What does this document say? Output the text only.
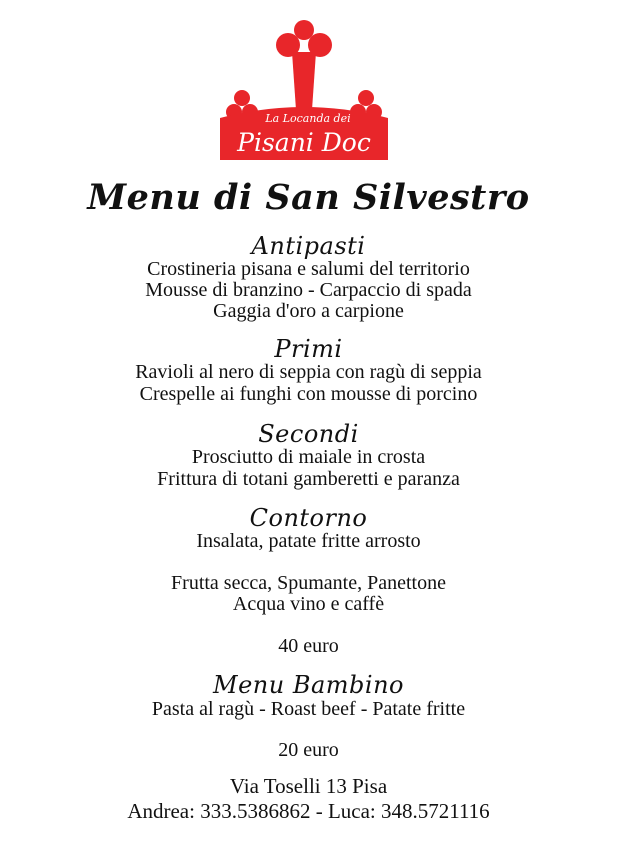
La Locanda dei
Pisani Doc
Menu di San Silvestro
Antipasti
Crostineria pisana e salumi del territorio
Mousse di branzino - Carpaccio di spada
Gaggia d'oro a carpione
Primi
Ravioli al nero di seppia con ragù di seppia
Crespelle ai funghi con mousse di porcino
Secondi
Prosciutto di maiale in crosta
Frittura di totani gamberetti e paranza
Contorno
Insalata, patate fritte arrosto
Frutta secca, Spumante, Panettone
Acqua vino e caffè
40 euro
Menu Bambino
Pasta al ragù - Roast beef - Patate fritte
20 euro
Via Toselli 13 Pisa
Andrea: 333.5386862 - Luca: 348.5721116
